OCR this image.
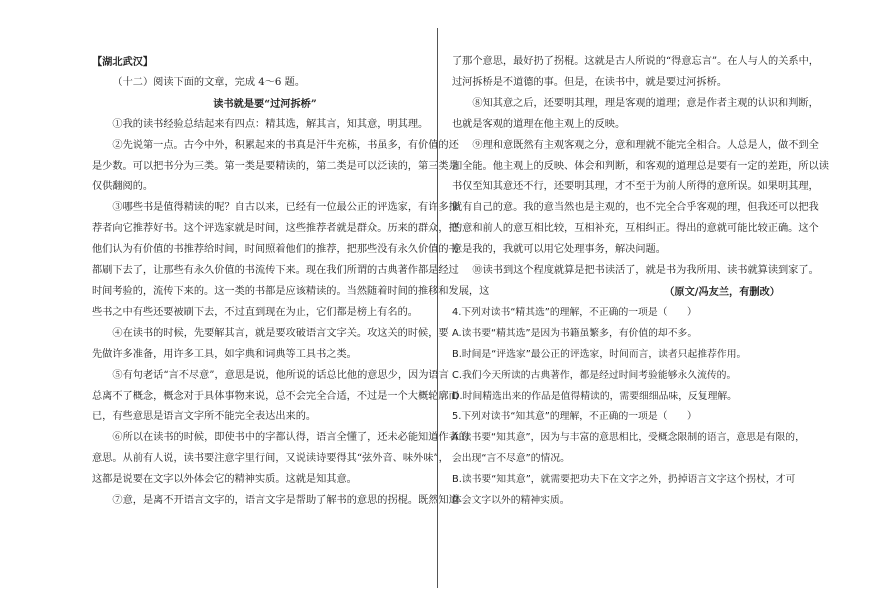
【湖北武汉】

（十二）阅读下面的文章，完成 4～6 题。

读书就是要“过河拆桥”

①我的读书经验总结起来有四点：精其选，解其言，知其意，明其理。

②先说第一点。古今中外，积累起来的书真是汗牛充栋，书虽多，有价值的还

是少数。可以把书分为三类。第一类是要精读的，第二类是可以泛读的，第三类是

仅供翻阅的。

③哪些书是值得精读的呢？自古以来，已经有一位最公正的评选家，有许多推

荐者向它推荐好书。这个评选家就是时间，这些推荐者就是群众。历来的群众，把

他们认为有价值的书推荐给时间，时间照着他们的推荐，把那些没有永久价值的书

都刷下去了，让那些有永久价值的书流传下来。现在我们所谓的古典著作都是经过

时间考验的，流传下来的。这一类的书都是应该精读的。当然随着时间的推移和发展，这

些书之中有些还要被刷下去，不过直到现在为止，它们都是榜上有名的。

④在读书的时候，先要解其言，就是要攻破语言文字关。攻这关的时候，要

先做许多准备，用许多工具，如字典和词典等工具书之类。

⑤有句老话“言不尽意”，意思是说，他所说的话总比他的意思少，因为语言

总离不了概念，概念对于具体事物来说，总不会完全合适，不过是一个大概轮廓而

已，有些意思是语言文字所不能完全表达出来的。

⑥所以在读书的时候，即使书中的字都认得，语言全懂了，还未必能知道作者的

意思。从前有人说，读书要注意字里行间，又说读诗要得其“弦外音、味外味”，

这都是说要在文字以外体会它的精神实质。这就是知其意。

⑦意，是离不开语言文字的，语言文字是帮助了解书的意思的拐棍。既然知道

了那个意思，最好扔了拐棍。这就是古人所说的“得意忘言”。在人与人的关系中，

过河拆桥是不道德的事。但是，在读书中，就是要过河拆桥。

⑧知其意之后，还要明其理，理是客观的道理；意是作者主观的认识和判断，

也就是客观的道理在他主观上的反映。

⑨理和意既然有主观客观之分，意和理就不能完全相合。人总是人，做不到全

知全能。他主观上的反映、体会和判断，和客观的道理总是要有一定的差距，所以读

书仅至知其意还不行，还要明其理，才不至于为前人所得的意所误。如果明其理，

就有自己的意。我的意当然也是主观的，也不完全合乎客观的理，但我还可以把我

的意和前人的意互相比较，互相补充，互相纠正。得出的意就可能比较正确。这个

意是我的，我就可以用它处理事务，解决问题。

⑩读书到这个程度就算是把书读活了，就是书为我所用、读书就算读到家了。

（原文/冯友兰，有删改）

4.下列对读书“精其选”的理解，不正确的一项是（　　）

A.读书要“精其选”是因为书籍虽繁多，有价值的却不多。

B.时间是“评选家”最公正的评选家，时间而言，读者只起推荐作用。

C.我们今天所读的古典著作，都是经过时间考验能够永久流传的。

D.时间精选出来的作品是值得精读的，需要细细品味，反复理解。

5.下列对读书“知其意”的理解，不正确的一项是（　　）

A.读书要“知其意”，因为与丰富的意思相比，受概念限制的语言，意思是有限的，

会出现“言不尽意”的情况。

B.读书要“知其意”，就需要把功夫下在文字之外，扔掉语言文字这个拐杖，才可

体会文字以外的精神实质。
